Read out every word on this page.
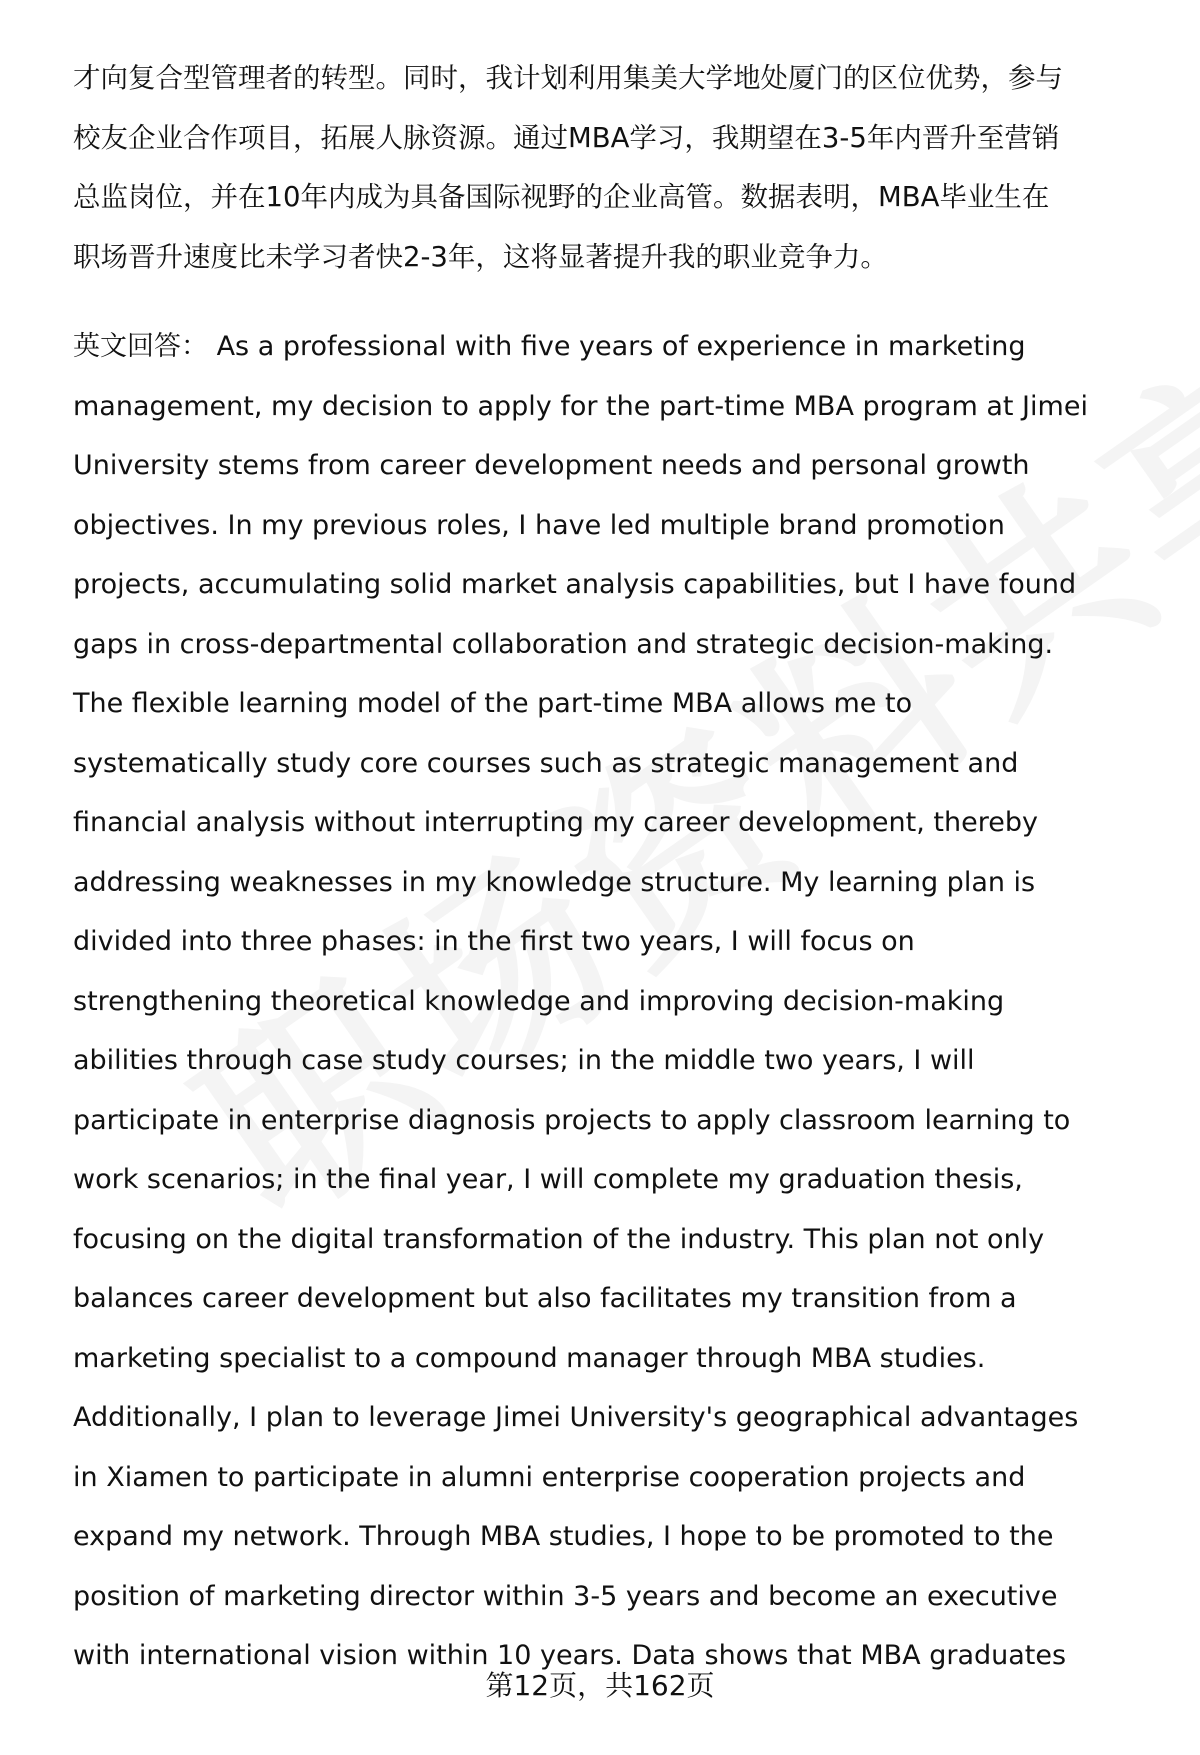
才向复合型管理者的转型。同时，我计划利用集美大学地处厦门的区位优势，参与
校友企业合作项目，拓展人脉资源。通过MBA学习，我期望在3-5年内晋升至营销
总监岗位，并在10年内成为具备国际视野的企业高管。数据表明，MBA毕业生在
职场晋升速度比未学习者快2-3年，这将显著提升我的职业竞争力。
英文回答： As a professional with five years of experience in marketing
management, my decision to apply for the part-time MBA program at Jimei
University stems from career development needs and personal growth
objectives. In my previous roles, I have led multiple brand promotion
projects, accumulating solid market analysis capabilities, but I have found
gaps in cross-departmental collaboration and strategic decision-making.
The flexible learning model of the part-time MBA allows me to
systematically study core courses such as strategic management and
financial analysis without interrupting my career development, thereby
addressing weaknesses in my knowledge structure. My learning plan is
divided into three phases: in the first two years, I will focus on
strengthening theoretical knowledge and improving decision-making
abilities through case study courses; in the middle two years, I will
participate in enterprise diagnosis projects to apply classroom learning to
work scenarios; in the final year, I will complete my graduation thesis,
focusing on the digital transformation of the industry. This plan not only
balances career development but also facilitates my transition from a
marketing specialist to a compound manager through MBA studies.
Additionally, I plan to leverage Jimei University's geographical advantages
in Xiamen to participate in alumni enterprise cooperation projects and
expand my network. Through MBA studies, I hope to be promoted to the
position of marketing director within 3-5 years and become an executive
with international vision within 10 years. Data shows that MBA graduates
第12页，共162页
